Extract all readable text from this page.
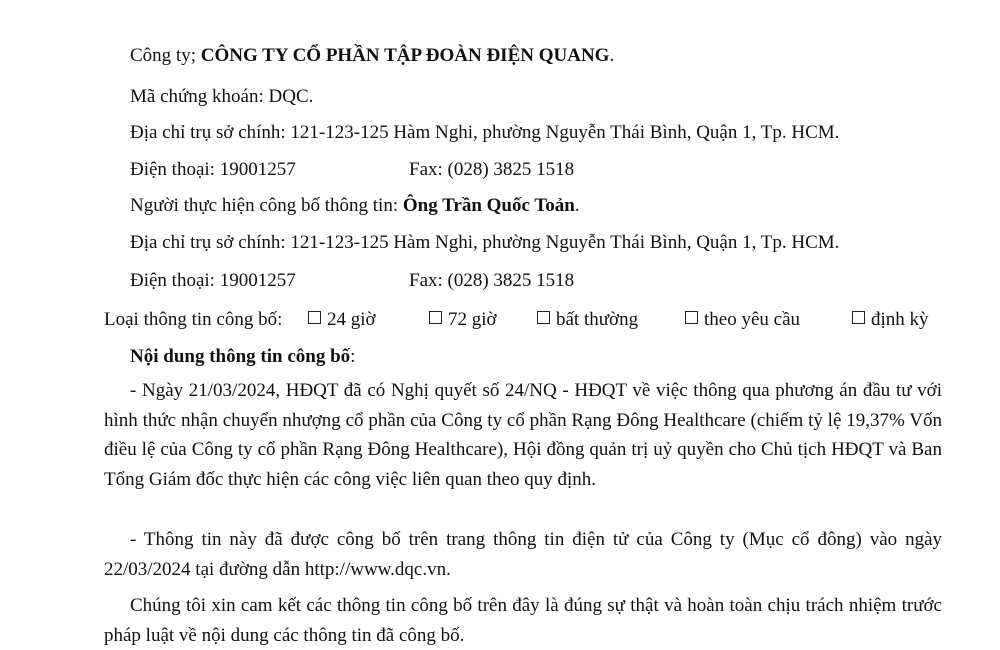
Công ty; CÔNG TY CỔ PHẦN TẬP ĐOÀN ĐIỆN QUANG.
Mã chứng khoán: DQC.
Địa chỉ trụ sở chính: 121-123-125 Hàm Nghi, phường Nguyễn Thái Bình, Quận 1, Tp. HCM.
Điện thoại: 19001257	Fax: (028) 3825 1518
Người thực hiện công bố thông tin: Ông Trần Quốc Toản.
Địa chỉ trụ sở chính: 121-123-125 Hàm Nghi, phường Nguyễn Thái Bình, Quận 1, Tp. HCM.
Điện thoại: 19001257	Fax: (028) 3825 1518
Loại thông tin công bố:	24 giờ	72 giờ	bất thường	theo yêu cầu	định kỳ
Nội dung thông tin công bố:
- Ngày 21/03/2024, HĐQT đã có Nghị quyết số 24/NQ - HĐQT về việc thông qua phương án đầu tư với hình thức nhận chuyển nhượng cổ phần của Công ty cổ phần Rạng Đông Healthcare (chiếm tỷ lệ 19,37% Vốn điều lệ của Công ty cổ phần Rạng Đông Healthcare), Hội đồng quản trị uỷ quyền cho Chủ tịch HĐQT và Ban Tổng Giám đốc thực hiện các công việc liên quan theo quy định.
- Thông tin này đã được công bố trên trang thông tin điện tử của Công ty (Mục cổ đông) vào ngày 22/03/2024 tại đường dẫn http://www.dqc.vn.
Chúng tôi xin cam kết các thông tin công bố trên đây là đúng sự thật và hoàn toàn chịu trách nhiệm trước pháp luật về nội dung các thông tin đã công bố.
